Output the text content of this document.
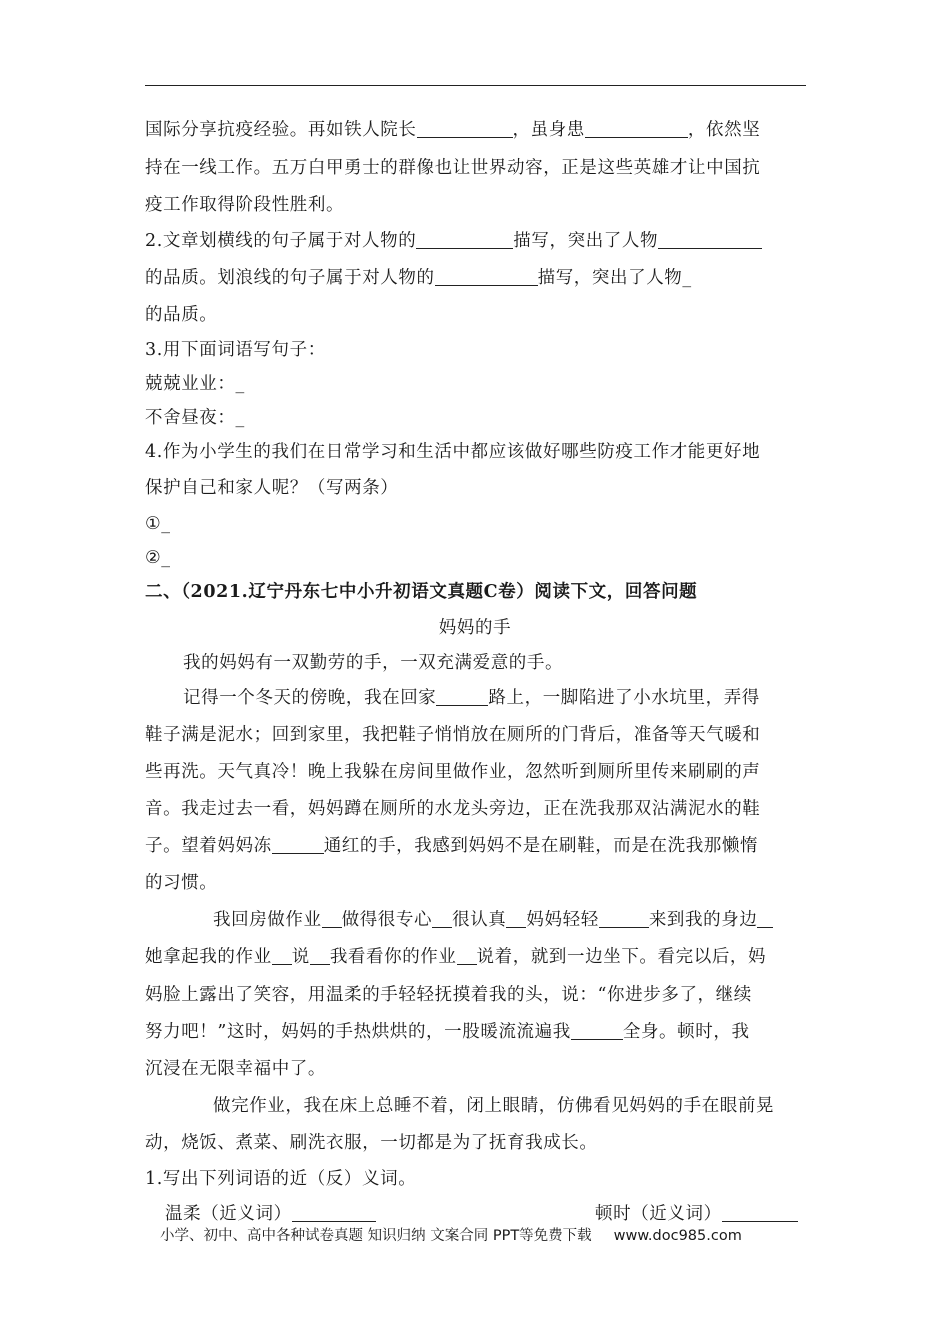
国际分享抗疫经验。再如铁人院长	，虽身患	，依然坚
持在一线工作。五万白甲勇士的群像也让世界动容，正是这些英雄才让中国抗
疫工作取得阶段性胜利。
2.文章划横线的句子属于对人物的	描写，突出了人物
的品质。划浪线的句子属于对人物的	描写，突出了人物_
的品质。
3.用下面词语写句子：
兢兢业业：_
不舍昼夜：_
4.作为小学生的我们在日常学习和生活中都应该做好哪些防疫工作才能更好地
保护自己和家人呢？（写两条）
①_
②_
二、（2021.辽宁丹东七中小升初语文真题C卷）阅读下文，回答问题
妈妈的手
我的妈妈有一双勤劳的手，一双充满爱意的手。
记得一个冬天的傍晚，我在回家	路上，一脚陷进了小水坑里，弄得
鞋子满是泥水；回到家里，我把鞋子悄悄放在厕所的门背后，准备等天气暖和
些再洗。天气真冷！晚上我躲在房间里做作业，忽然听到厕所里传来刷刷的声
音。我走过去一看，妈妈蹲在厕所的水龙头旁边，正在洗我那双沾满泥水的鞋
子。望着妈妈冻	通红的手，我感到妈妈不是在刷鞋，而是在洗我那懒惰
的习惯。
我回房做作业 做得很专心 很认真 妈妈轻轻	来到我的身边
她拿起我的作业 说 我看看你的作业 说着，就到一边坐下。看完以后，妈
妈脸上露出了笑容，用温柔的手轻轻抚摸着我的头，说：“你进步多了，继续
努力吧！”这时，妈妈的手热烘烘的，一股暖流流遍我	全身。顿时，我
沉浸在无限幸福中了。
做完作业，我在床上总睡不着，闭上眼睛，仿佛看见妈妈的手在眼前晃
动，烧饭、煮菜、刷洗衣服，一切都是为了抚育我成长。
1.写出下列词语的近（反）义词。
温柔（近义词）	顿时（近义词）
小学、初中、高中各种试卷真题 知识归纳 文案合同 PPT等免费下载 www.doc985.com
